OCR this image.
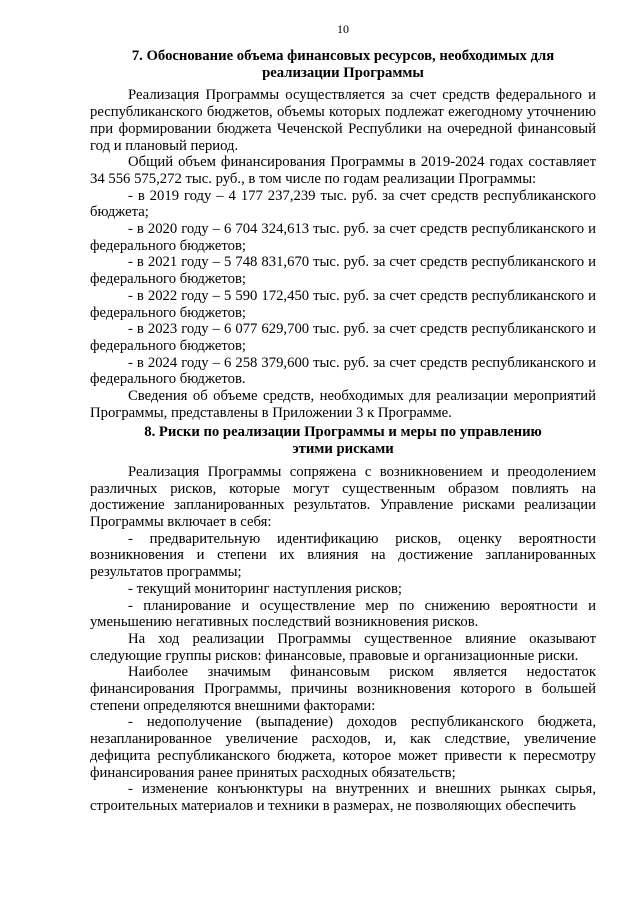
10
7. Обоснование объема финансовых ресурсов, необходимых для
реализации Программы

Реализация Программы осуществляется за счет средств федерального и республиканского бюджетов, объемы которых подлежат ежегодному уточнению при формировании бюджета Чеченской Республики на очередной финансовый год и плановый период.

Общий объем финансирования Программы в 2019-2024 годах составляет 34 556 575,272 тыс. руб., в том числе по годам реализации Программы:

- в 2019 году – 4 177 237,239 тыс. руб. за счет средств республиканского бюджета;

- в 2020 году – 6 704 324,613 тыс. руб. за счет средств республиканского и федерального бюджетов;

- в 2021 году – 5 748 831,670 тыс. руб. за счет средств республиканского и федерального бюджетов;

- в 2022 году – 5 590 172,450 тыс. руб. за счет средств республиканского и федерального бюджетов;

- в 2023 году – 6 077 629,700 тыс. руб. за счет средств республиканского и федерального бюджетов;

- в 2024 году – 6 258 379,600 тыс. руб. за счет средств республиканского и федерального бюджетов.

Сведения об объеме средств, необходимых для реализации мероприятий Программы, представлены в Приложении 3 к Программе.

8. Риски по реализации Программы и меры по управлению
этими рисками

Реализация Программы сопряжена с возникновением и преодолением различных рисков, которые могут существенным образом повлиять на достижение запланированных результатов. Управление рисками реализации Программы включает в себя:

- предварительную идентификацию рисков, оценку вероятности возникновения и степени их влияния на достижение запланированных результатов программы;

- текущий мониторинг наступления рисков;

- планирование и осуществление мер по снижению вероятности и уменьшению негативных последствий возникновения рисков.

На ход реализации Программы существенное влияние оказывают следующие группы рисков: финансовые, правовые и организационные риски.

Наиболее значимым финансовым риском является недостаток финансирования Программы, причины возникновения которого в большей степени определяются внешними факторами:

- недополучение (выпадение) доходов республиканского бюджета, незапланированное увеличение расходов, и, как следствие, увеличение дефицита республиканского бюджета, которое может привести к пересмотру финансирования ранее принятых расходных обязательств;

- изменение конъюнктуры на внутренних и внешних рынках сырья, строительных материалов и техники в размерах, не позволяющих обеспечить
